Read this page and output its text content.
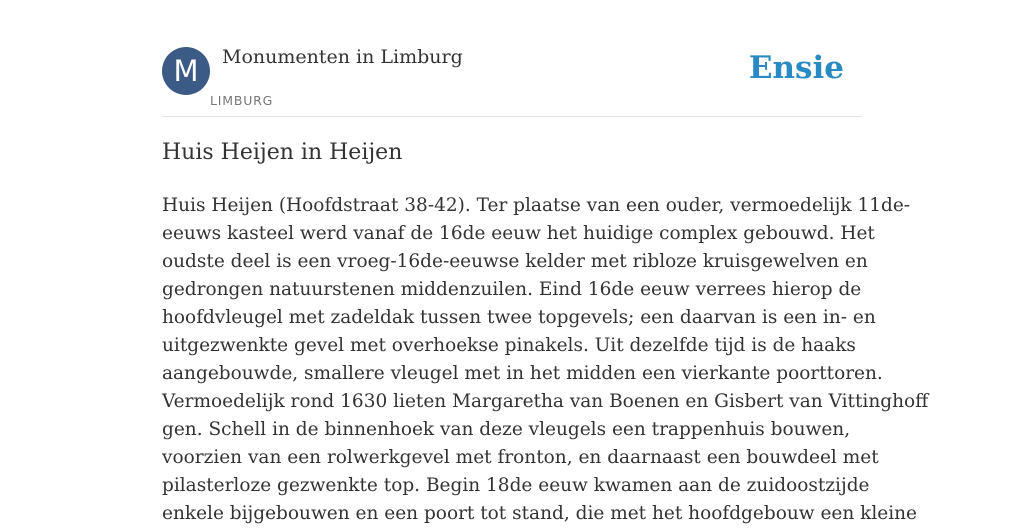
M	Monumenten in Limburg
LIMBURG
Ensie
Huis Heijen in Heijen
Huis Heijen (Hoofdstraat 38-42). Ter plaatse van een ouder, vermoedelijk 11de-
eeuws kasteel werd vanaf de 16de eeuw het huidige complex gebouwd. Het
oudste deel is een vroeg-16de-eeuwse kelder met ribloze kruisgewelven en
gedrongen natuurstenen middenzuilen. Eind 16de eeuw verrees hierop de
hoofdvleugel met zadeldak tussen twee topgevels; een daarvan is een in- en
uitgezwenkte gevel met overhoekse pinakels. Uit dezelfde tijd is de haaks
aangebouwde, smallere vleugel met in het midden een vierkante poorttoren.
Vermoedelijk rond 1630 lieten Margaretha van Boenen en Gisbert van Vittinghoff
gen. Schell in de binnenhoek van deze vleugels een trappenhuis bouwen,
voorzien van een rolwerkgevel met fronton, en daarnaast een bouwdeel met
pilasterloze gezwenkte top. Begin 18de eeuw kwamen aan de zuidoostzijde
enkele bijgebouwen en een poort tot stand, die met het hoofdgebouw een kleine
